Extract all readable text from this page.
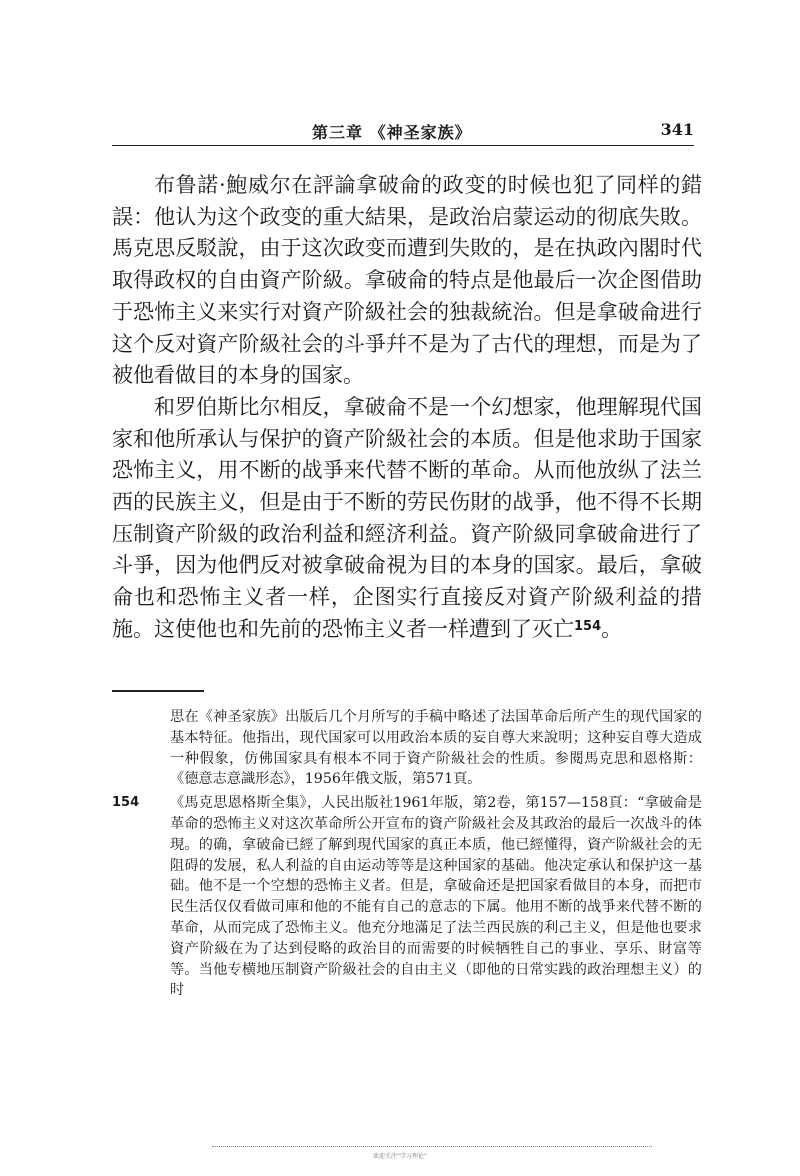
第三章 《神圣家族》	341

布鲁諾·鮑威尔在評論拿破侖的政变的时候也犯了同样的錯誤：他认为这个政变的重大結果，是政治启蒙运动的彻底失敗。馬克思反駁說，由于这次政变而遭到失敗的，是在执政內閣时代取得政权的自由資产阶級。拿破侖的特点是他最后一次企图借助于恐怖主义来实行对資产阶級社会的独裁統治。但是拿破侖进行这个反对資产阶級社会的斗爭幷不是为了古代的理想，而是为了被他看做目的本身的国家。

和罗伯斯比尔相反，拿破侖不是一个幻想家，他理解現代国家和他所承认与保护的資产阶級社会的本质。但是他求助于国家恐怖主义，用不断的战爭来代替不断的革命。从而他放纵了法兰西的民族主义，但是由于不断的劳民伤財的战爭，他不得不长期压制資产阶級的政治利益和經济利益。資产阶級同拿破侖进行了斗爭，因为他們反对被拿破侖視为目的本身的国家。最后，拿破侖也和恐怖主义者一样，企图实行直接反对資产阶級利益的措施。这使他也和先前的恐怖主义者一样遭到了灭亡$^{154}$。

思在《神圣家族》出版后几个月所写的手稿中略述了法国革命后所产生的现代国家的基本特征。他指出，现代国家可以用政治本质的妄自尊大来說明；这种妄自尊大造成一种假象，仿佛国家具有根本不同于資产阶級社会的性质。参閱馬克思和恩格斯：《德意志意識形态》，1956年俄文版，第571頁。

154 《馬克思恩格斯全集》，人民出版社1961年版，第2卷，第157—158頁：“拿破侖是革命的恐怖主义对这次革命所公开宣布的資产阶級社会及其政治的最后一次战斗的体現。的确，拿破侖已經了解到現代国家的真正本质，他已經懂得，資产阶級社会的无阻碍的发展，私人利益的自由运动等等是这种国家的基础。他决定承认和保护这一基础。他不是一个空想的恐怖主义者。但是，拿破侖还是把国家看做目的本身，而把市民生活仅仅看做司庫和他的不能有自己的意志的下属。他用不断的战爭来代替不断的革命，从而完成了恐怖主义。他充分地滿足了法兰西民族的利己主义，但是他也要求資产阶級在为了达到侵略的政治目的而需要的时候牺牲自己的事业、享乐、財富等等。当他专横地压制資产阶級社会的自由主义（即他的日常实践的政治理想主义）的时
欢迎关注“学习理论”
